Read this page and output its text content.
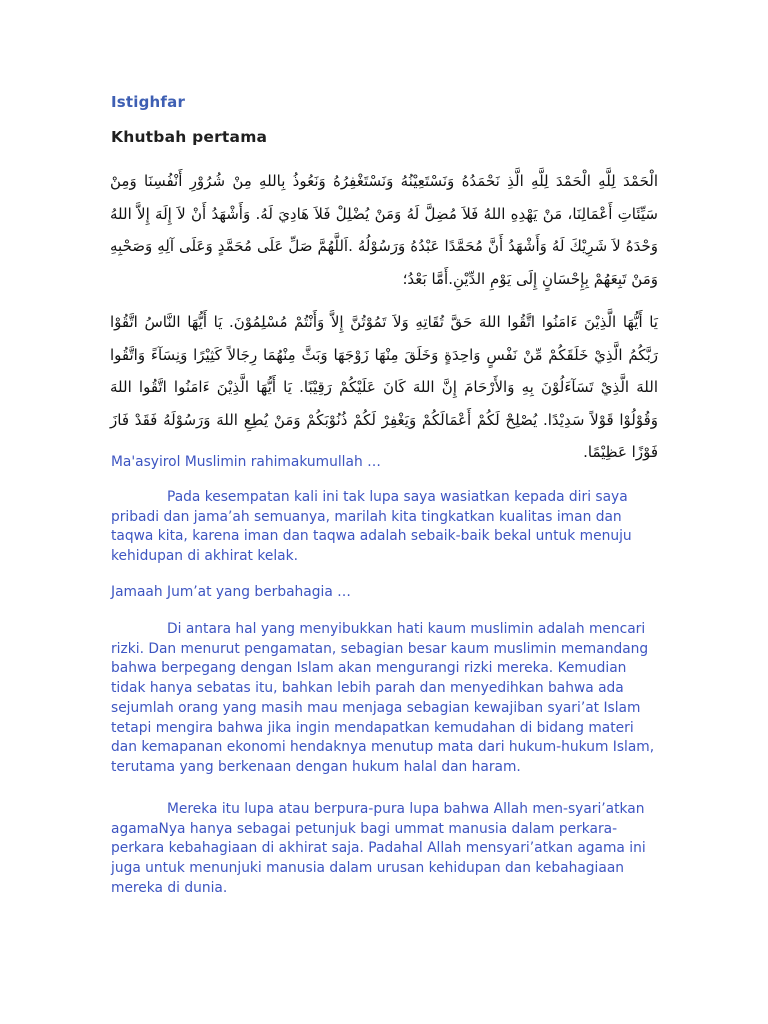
Istighfar
Khutbah pertama

الْحَمْدَ لِلَّهِ الْحَمْدَ لِلَّهِ الَّذِ نَحْمَدُهُ وَنَسْتَعِيْنُهُ وَنَسْتَغْفِرُهُ وَنَعُوذُ بِاللهِ مِنْ شُرُوْرِ أَنْفُسِنَا وَمِنْ سَيِّئَاتِ أَعْمَالِنَا، مَنْ يَهْدِهِ اللهُ فَلاَ مُضِلَّ لَهُ وَمَنْ يُضْلِلْ فَلاَ هَادِيَ لَهُ. وَأَشْهَدُ أَنْ لاَ إِلَهَ إِلاَّ اللهُ وَحْدَهُ لاَ شَرِيْكَ لَهُ وَأَشْهَدُ أَنَّ مُحَمَّدًا عَبْدُهُ وَرَسُوْلُهُ .اَللَّهُمَّ صَلِّ عَلَى مُحَمَّدٍ وَعَلَى آلِهِ وَصَحْبِهِ وَمَنْ تَبِعَهُمْ بِإِحْسَانٍ إِلَى يَوْمِ الدِّيْنِ.أَمَّا بَعْدُ؛

يَا أَيُّهَا الَّذِيْنَ ءَامَنُوا اتَّقُوا اللهَ حَقَّ تُقَاتِهِ وَلاَ تَمُوْتُنَّ إِلاَّ وَأَنْتُمْ مُسْلِمُوْنَ. يَا أَيُّهَا النَّاسُ اتَّقُوْا رَبَّكُمُ الَّذِيْ خَلَقَكُمْ مِّنْ نَفْسٍ وَاحِدَةٍ وَخَلَقَ مِنْهَا زَوْجَهَا وَبَثَّ مِنْهُمَا رِجَالاً كَثِيْرًا وَنِسَآءً وَاتَّقُوا اللهَ الَّذِيْ تَسَآءَلُوْنَ بِهِ وَالأَرْحَامَ إِنَّ اللهَ كَانَ عَلَيْكُمْ رَقِيْبًا. يَا أَيُّهَا الَّذِيْنَ ءَامَنُوا اتَّقُوا اللهَ وَقُوْلُوْا قَوْلاً سَدِيْدًا. يُصْلِحْ لَكُمْ أَعْمَالَكُمْ وَيَغْفِرْ لَكُمْ ذُنُوْبَكُمْ وَمَنْ يُطِعِ اللهَ وَرَسُوْلَهُ فَقَدْ فَازَ فَوْزًا عَظِيْمًا.

Ma'asyirol Muslimin rahimakumullah …

Pada kesempatan kali ini tak lupa saya wasiatkan kepada diri saya pribadi dan jama’ah semuanya, marilah kita tingkatkan kualitas iman dan taqwa kita, karena iman dan taqwa adalah sebaik-baik bekal untuk menuju kehidupan di akhirat kelak.

Jamaah Jum’at yang berbahagia …

Di antara hal yang menyibukkan hati kaum muslimin adalah mencari rizki. Dan menurut pengamatan, sebagian besar kaum muslimin memandang bahwa berpegang dengan Islam akan mengurangi rizki mereka. Kemudian tidak hanya sebatas itu, bahkan lebih parah dan menyedihkan bahwa ada sejumlah orang yang masih mau menjaga sebagian kewajiban syari’at Islam tetapi mengira bahwa jika ingin mendapatkan kemudahan di bidang materi dan kemapanan ekonomi hendaknya menutup mata dari hukum-hukum Islam, terutama yang berkenaan dengan hukum halal dan haram.

Mereka itu lupa atau berpura-pura lupa bahwa Allah men-syari’atkan agamaNya hanya sebagai petunjuk bagi ummat manusia dalam perkara-perkara kebahagiaan di akhirat saja. Padahal Allah mensyari’atkan agama ini juga untuk menunjuki manusia dalam urusan kehidupan dan kebahagiaan mereka di dunia.
